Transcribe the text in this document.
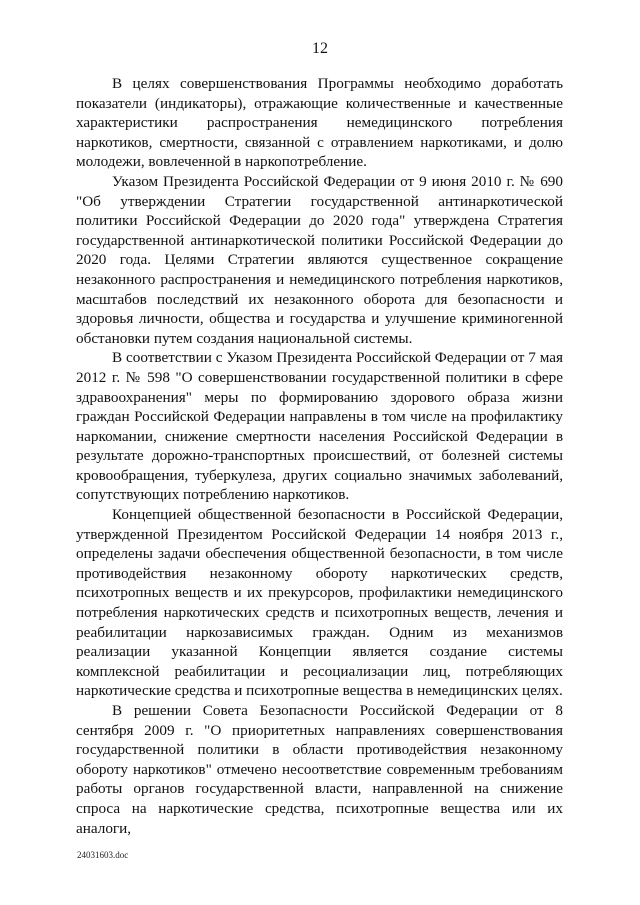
12

В целях совершенствования Программы необходимо доработать показатели (индикаторы), отражающие количественные и качественные характеристики распространения немедицинского потребления наркотиков, смертности, связанной с отравлением наркотиками, и долю молодежи, вовлеченной в наркопотребление.

Указом Президента Российской Федерации от 9 июня 2010 г. № 690 "Об утверждении Стратегии государственной антинаркотической политики Российской Федерации до 2020 года" утверждена Стратегия государственной антинаркотической политики Российской Федерации до 2020 года. Целями Стратегии являются существенное сокращение незаконного распространения и немедицинского потребления наркотиков, масштабов последствий их незаконного оборота для безопасности и здоровья личности, общества и государства и улучшение криминогенной обстановки путем создания национальной системы.

В соответствии с Указом Президента Российской Федерации от 7 мая 2012 г. № 598 "О совершенствовании государственной политики в сфере здравоохранения" меры по формированию здорового образа жизни граждан Российской Федерации направлены в том числе на профилактику наркомании, снижение смертности населения Российской Федерации в результате дорожно-транспортных происшествий, от болезней системы кровообращения, туберкулеза, других социально значимых заболеваний, сопутствующих потреблению наркотиков.

Концепцией общественной безопасности в Российской Федерации, утвержденной Президентом Российской Федерации 14 ноября 2013 г., определены задачи обеспечения общественной безопасности, в том числе противодействия незаконному обороту наркотических средств, психотропных веществ и их прекурсоров, профилактики немедицинского потребления наркотических средств и психотропных веществ, лечения и реабилитации наркозависимых граждан. Одним из механизмов реализации указанной Концепции является создание системы комплексной реабилитации и ресоциализации лиц, потребляющих наркотические средства и психотропные вещества в немедицинских целях.

В решении Совета Безопасности Российской Федерации от 8 сентября 2009 г. "О приоритетных направлениях совершенствования государственной политики в области противодействия незаконному обороту наркотиков" отмечено несоответствие современным требованиям работы органов государственной власти, направленной на снижение спроса на наркотические средства, психотропные вещества или их аналоги,

24031603.doc
